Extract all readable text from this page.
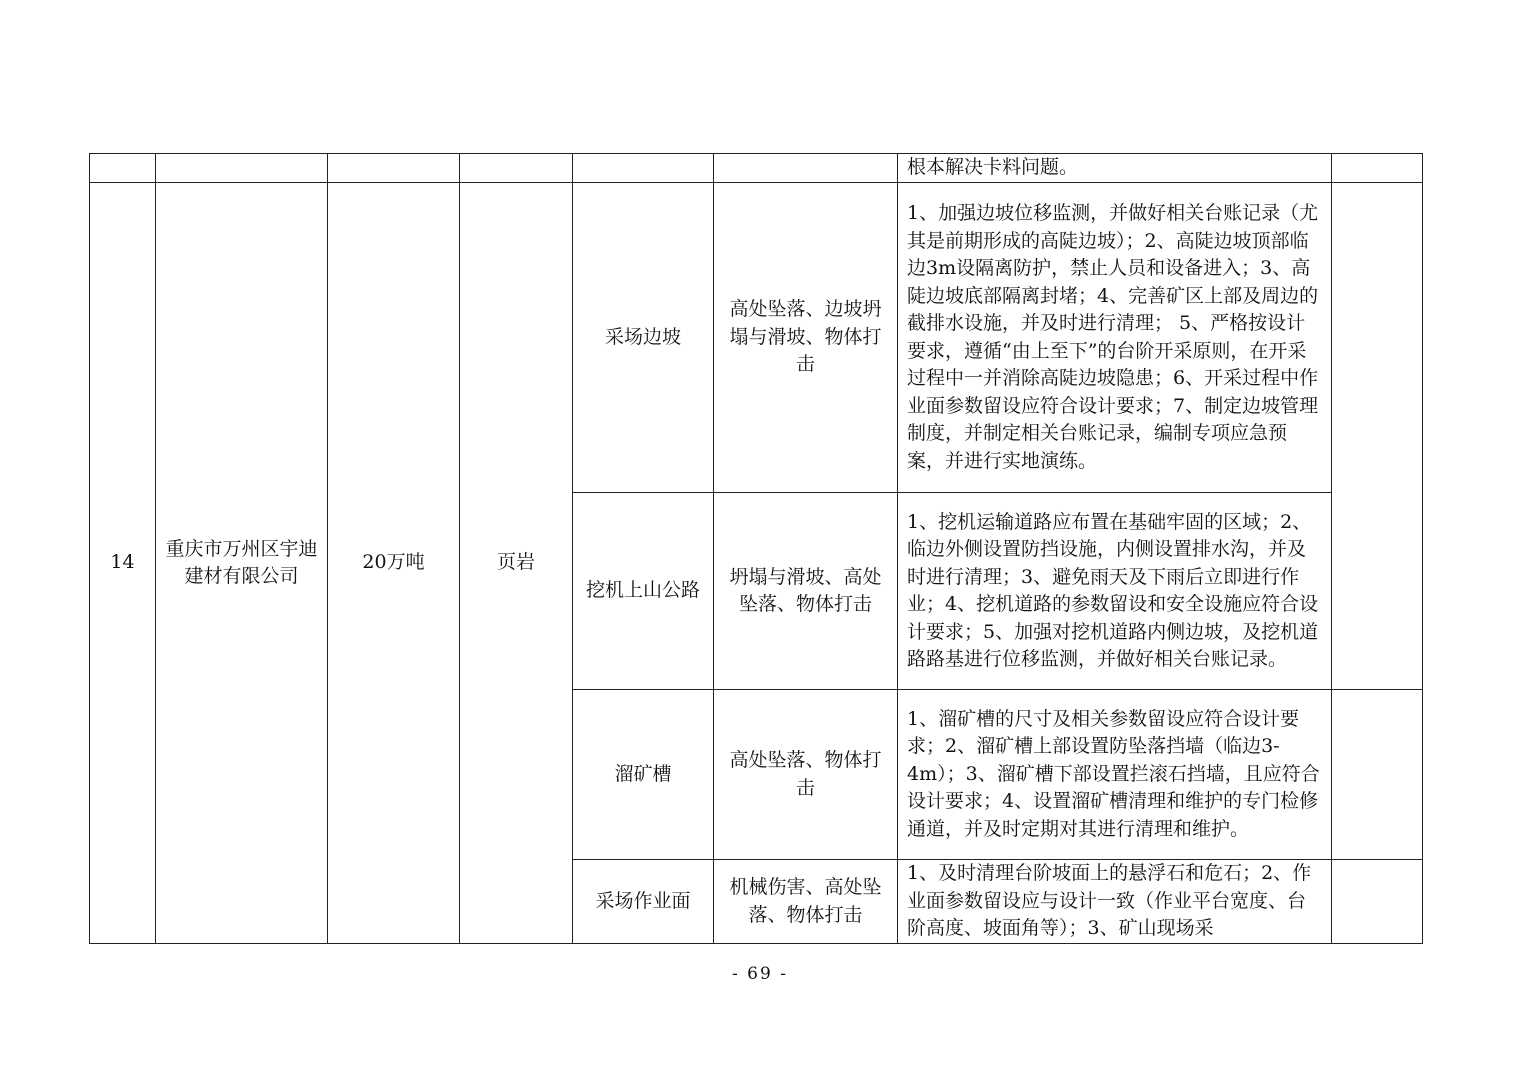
						根本解决卡料问题。	
14	重庆市万州区宇迪建材有限公司	20万吨	页岩	采场边坡	高处坠落、边坡坍塌与滑坡、物体打击	1、加强边坡位移监测，并做好相关台账记录（尤其是前期形成的高陡边坡）；2、高陡边坡顶部临边3m设隔离防护，禁止人员和设备进入；3、高陡边坡底部隔离封堵；4、完善矿区上部及周边的截排水设施，并及时进行清理； 5、严格按设计要求，遵循“由上至下”的台阶开采原则，在开采过程中一并消除高陡边坡隐患；6、开采过程中作业面参数留设应符合设计要求；7、制定边坡管理制度，并制定相关台账记录，编制专项应急预案，并进行实地演练。	
				挖机上山公路	坍塌与滑坡、高处坠落、物体打击	1、挖机运输道路应布置在基础牢固的区域；2、临边外侧设置防挡设施，内侧设置排水沟，并及时进行清理；3、避免雨天及下雨后立即进行作业；4、挖机道路的参数留设和安全设施应符合设计要求；5、加强对挖机道路内侧边坡，及挖机道路路基进行位移监测，并做好相关台账记录。	
				溜矿槽	高处坠落、物体打击	1、溜矿槽的尺寸及相关参数留设应符合设计要求；2、溜矿槽上部设置防坠落挡墙（临边3-4m）；3、溜矿槽下部设置拦滚石挡墙，且应符合设计要求；4、设置溜矿槽清理和维护的专门检修通道，并及时定期对其进行清理和维护。	
				采场作业面	机械伤害、高处坠落、物体打击	1、及时清理台阶坡面上的悬浮石和危石；2、作业面参数留设应与设计一致（作业平台宽度、台阶高度、坡面角等）；3、矿山现场采	
- 69 -
